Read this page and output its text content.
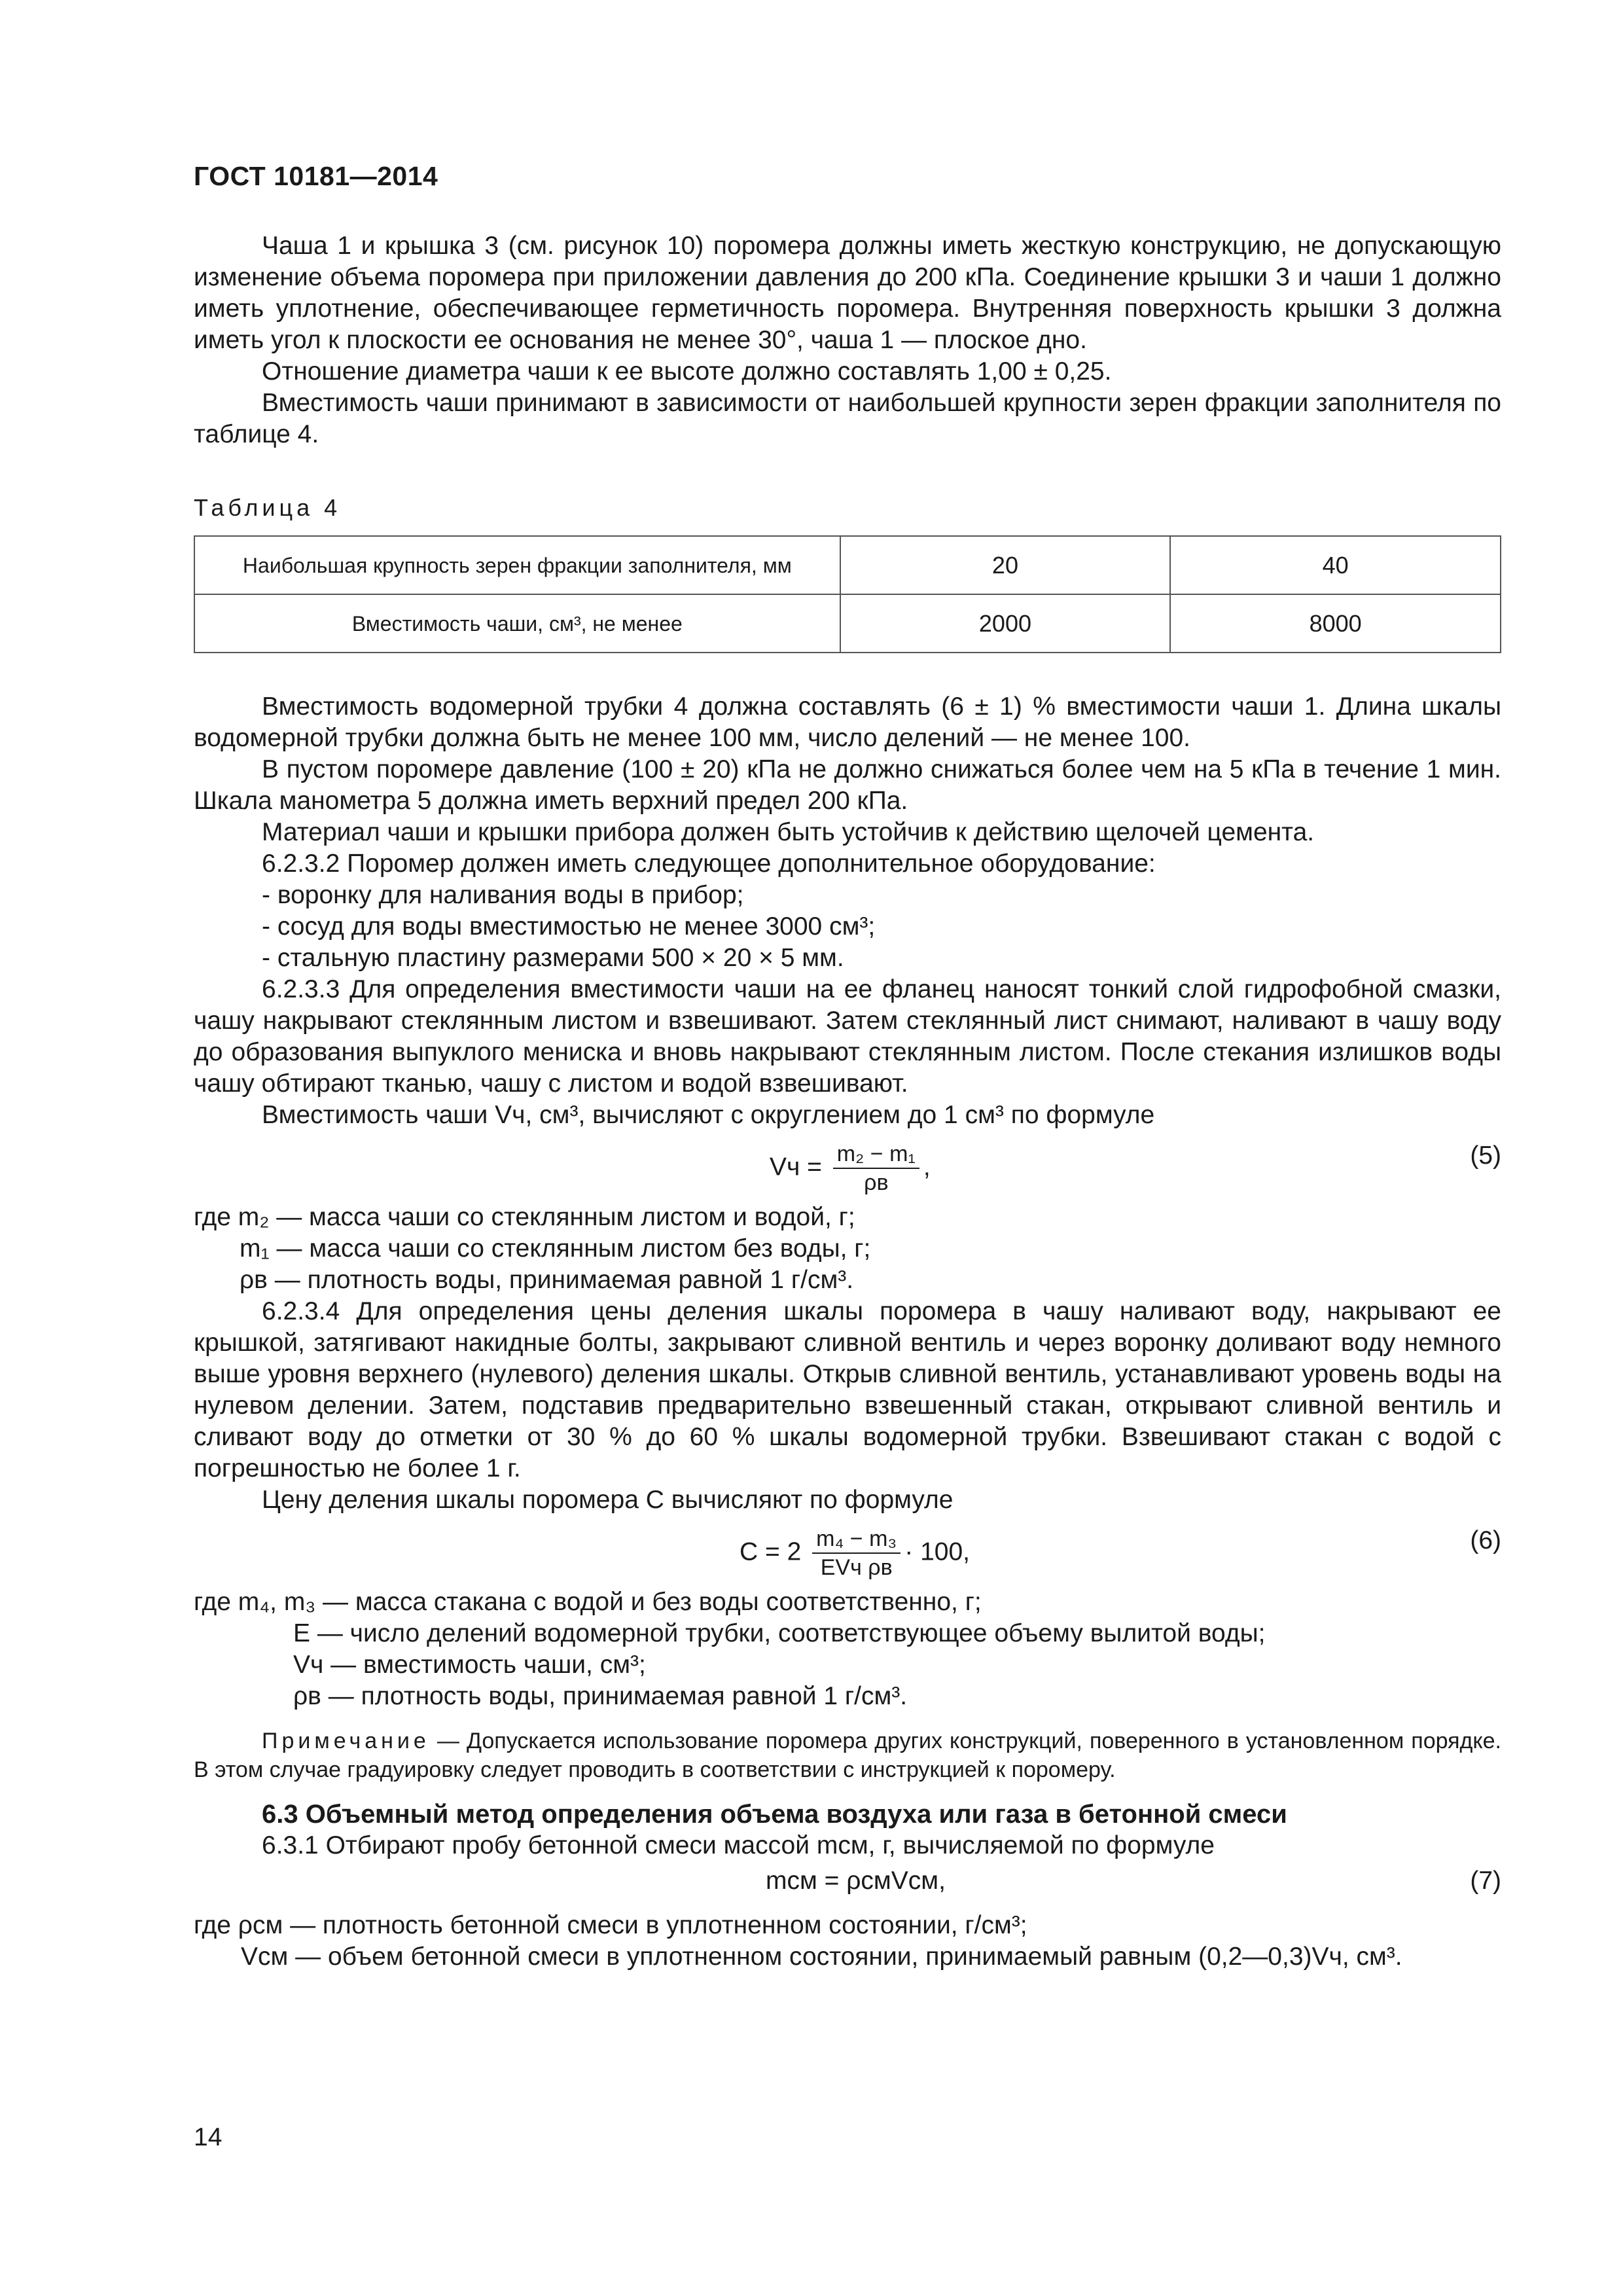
ГОСТ 10181—2014

Чаша 1 и крышка 3 (см. рисунок 10) поромера должны иметь жесткую конструкцию, не допускающую изменение объема поромера при приложении давления до 200 кПа. Соединение крышки 3 и чаши 1 должно иметь уплотнение, обеспечивающее герметичность поромера. Внутренняя поверхность крышки 3 должна иметь угол к плоскости ее основания не менее 30°, чаша 1 — плоское дно.

Отношение диаметра чаши к ее высоте должно составлять 1,00 ± 0,25.

Вместимость чаши принимают в зависимости от наибольшей крупности зерен фракции заполнителя по таблице 4.

Таблица 4

Наибольшая крупность зерен фракции заполнителя, мм	20	40
Вместимость чаши, см³, не менее	2000	8000

Вместимость водомерной трубки 4 должна составлять (6 ± 1) % вместимости чаши 1. Длина шкалы водомерной трубки должна быть не менее 100 мм, число делений — не менее 100.

В пустом поромере давление (100 ± 20) кПа не должно снижаться более чем на 5 кПа в течение 1 мин. Шкала манометра 5 должна иметь верхний предел 200 кПа.

Материал чаши и крышки прибора должен быть устойчив к действию щелочей цемента.

6.2.3.2 Поромер должен иметь следующее дополнительное оборудование:

- воронку для наливания воды в прибор;

- сосуд для воды вместимостью не менее 3000 см³;

- стальную пластину размерами 500 × 20 × 5 мм.

6.2.3.3 Для определения вместимости чаши на ее фланец наносят тонкий слой гидрофобной смазки, чашу накрывают стеклянным листом и взвешивают. Затем стеклянный лист снимают, наливают в чашу воду до образования выпуклого мениска и вновь накрывают стеклянным листом. После стекания излишков воды чашу обтирают тканью, чашу с листом и водой взвешивают.

Вместимость чаши Vч, см³, вычисляют с округлением до 1 см³ по формуле

Vч = $\frac{\text{m₂ − m₁}}{\rho в}$ ,	(5)

где m₂ — масса чаши со стеклянным листом и водой, г;

m₁ — масса чаши со стеклянным листом без воды, г;

ρв — плотность воды, принимаемая равной 1 г/см³.

6.2.3.4 Для определения цены деления шкалы поромера в чашу наливают воду, накрывают ее крышкой, затягивают накидные болты, закрывают сливной вентиль и через воронку доливают воду немного выше уровня верхнего (нулевого) деления шкалы. Открыв сливной вентиль, устанавливают уровень воды на нулевом делении. Затем, подставив предварительно взвешенный стакан, открывают сливной вентиль и сливают воду до отметки от 30 % до 60 % шкалы водомерной трубки. Взвешивают стакан с водой с погрешностью не более 1 г.

Цену деления шкалы поромера C вычисляют по формуле

$C = 2 \frac{\text{m₄ − m₃}}{\text{EVч ρв}} \cdot 100$,	(6)

где m₄, m₃ — масса стакана с водой и без воды соответственно, г;

E — число делений водомерной трубки, соответствующее объему вылитой воды;

Vч — вместимость чаши, см³;

ρв — плотность воды, принимаемая равной 1 г/см³.

Примечание — Допускается использование поромера других конструкций, поверенного в установленном порядке. В этом случае градуировку следует проводить в соответствии с инструкцией к поромеру.

6.3 Объемный метод определения объема воздуха или газа в бетонной смеси

6.3.1 Отбирают пробу бетонной смеси массой mсм, г, вычисляемой по формуле

mсм = ρсмVсм,	(7)

где ρсм — плотность бетонной смеси в уплотненном состоянии, г/см³;

Vсм — объем бетонной смеси в уплотненном состоянии, принимаемый равным (0,2—0,3)Vч, см³.

14
